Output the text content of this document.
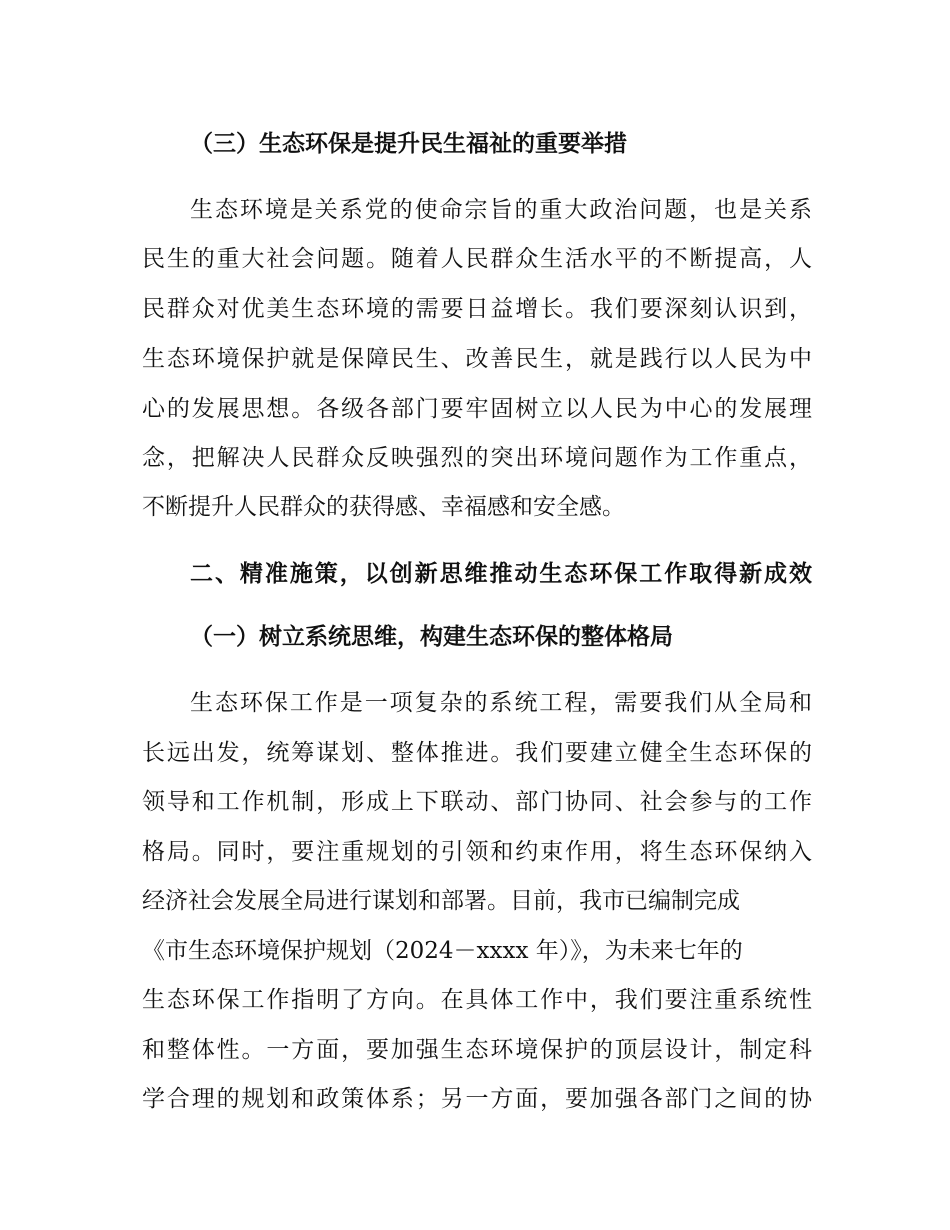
（三）生态环保是提升民生福祉的重要举措
生态环境是关系党的使命宗旨的重大政治问题，也是关系
民生的重大社会问题。随着人民群众生活水平的不断提高，人
民群众对优美生态环境的需要日益增长。我们要深刻认识到，
生态环境保护就是保障民生、改善民生，就是践行以人民为中
心的发展思想。各级各部门要牢固树立以人民为中心的发展理
念，把解决人民群众反映强烈的突出环境问题作为工作重点，
不断提升人民群众的获得感、幸福感和安全感。
二、精准施策，以创新思维推动生态环保工作取得新成效
（一）树立系统思维，构建生态环保的整体格局
生态环保工作是一项复杂的系统工程，需要我们从全局和
长远出发，统筹谋划、整体推进。我们要建立健全生态环保的
领导和工作机制，形成上下联动、部门协同、社会参与的工作
格局。同时，要注重规划的引领和约束作用，将生态环保纳入
经济社会发展全局进行谋划和部署。目前，我市已编制完成
《市生态环境保护规划（2024－xxxx 年）》，为未来七年的
生态环保工作指明了方向。在具体工作中，我们要注重系统性
和整体性。一方面，要加强生态环境保护的顶层设计，制定科
学合理的规划和政策体系；另一方面，要加强各部门之间的协
